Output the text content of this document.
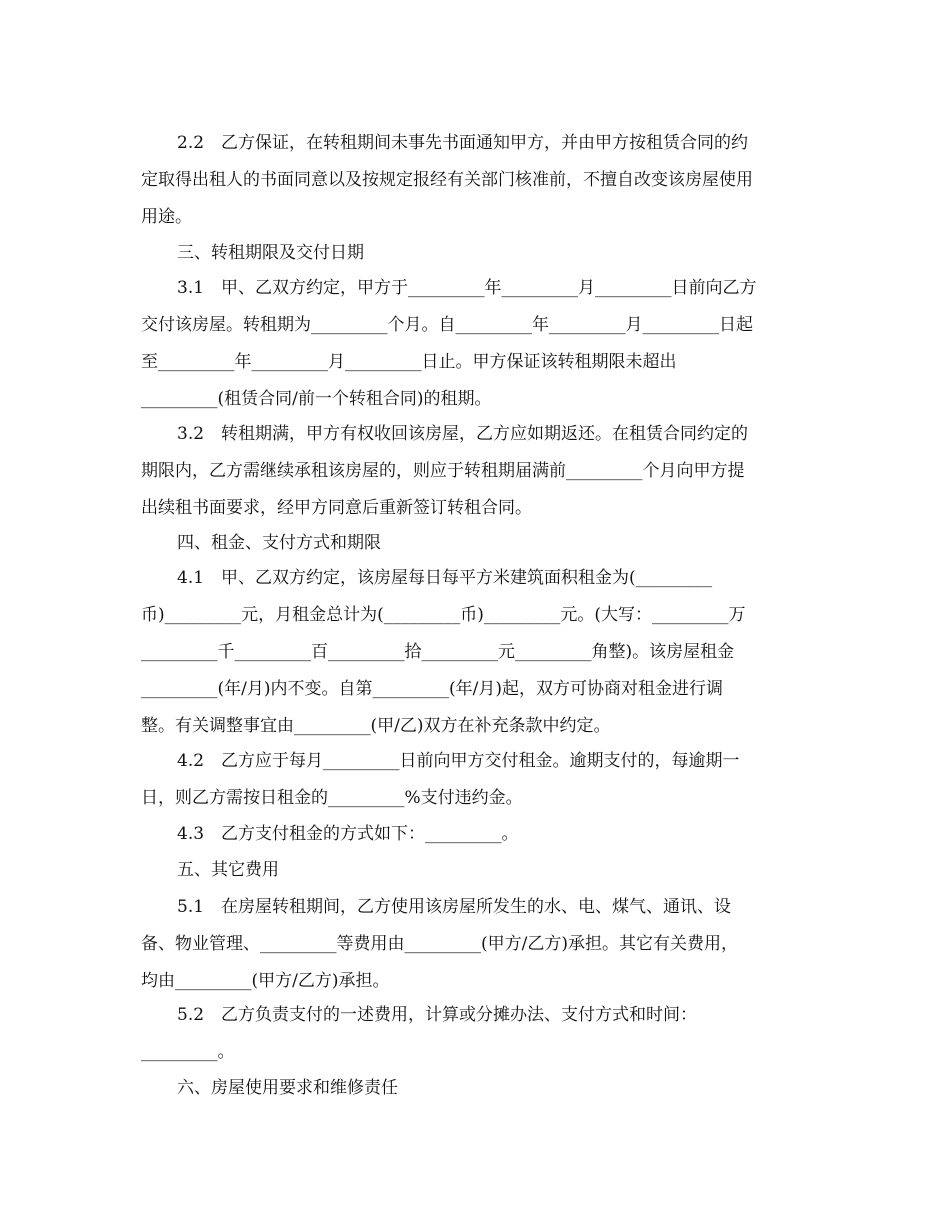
2.2　乙方保证，在转租期间未事先书面通知甲方，并由甲方按租赁合同的约
定取得出租人的书面同意以及按规定报经有关部门核准前，不擅自改变该房屋使用
用途。
三、转租期限及交付日期
3.1　甲、乙双方约定，甲方于_________年_________月_________日前向乙方
交付该房屋。转租期为_________个月。自_________年_________月_________日起
至_________年_________月_________日止。甲方保证该转租期限未超出
_________(租赁合同/前一个转租合同)的租期。
3.2　转租期满，甲方有权收回该房屋，乙方应如期返还。在租赁合同约定的
期限内，乙方需继续承租该房屋的，则应于转租期届满前_________个月向甲方提
出续租书面要求，经甲方同意后重新签订转租合同。
四、租金、支付方式和期限
4.1　甲、乙双方约定，该房屋每日每平方米建筑面积租金为(_________
币)_________元，月租金总计为(_________币)_________元。(大写：_________万
_________千_________百_________拾_________元_________角整)。该房屋租金
_________(年/月)内不变。自第_________(年/月)起，双方可协商对租金进行调
整。有关调整事宜由_________(甲/乙)双方在补充条款中约定。
4.2　乙方应于每月_________日前向甲方交付租金。逾期支付的，每逾期一
日，则乙方需按日租金的_________%支付违约金。
4.3　乙方支付租金的方式如下：_________。
五、其它费用
5.1　在房屋转租期间，乙方使用该房屋所发生的水、电、煤气、通讯、设
备、物业管理、_________等费用由_________(甲方/乙方)承担。其它有关费用，
均由_________(甲方/乙方)承担。
5.2　乙方负责支付的一述费用，计算或分摊办法、支付方式和时间：
_________。
六、房屋使用要求和维修责任
